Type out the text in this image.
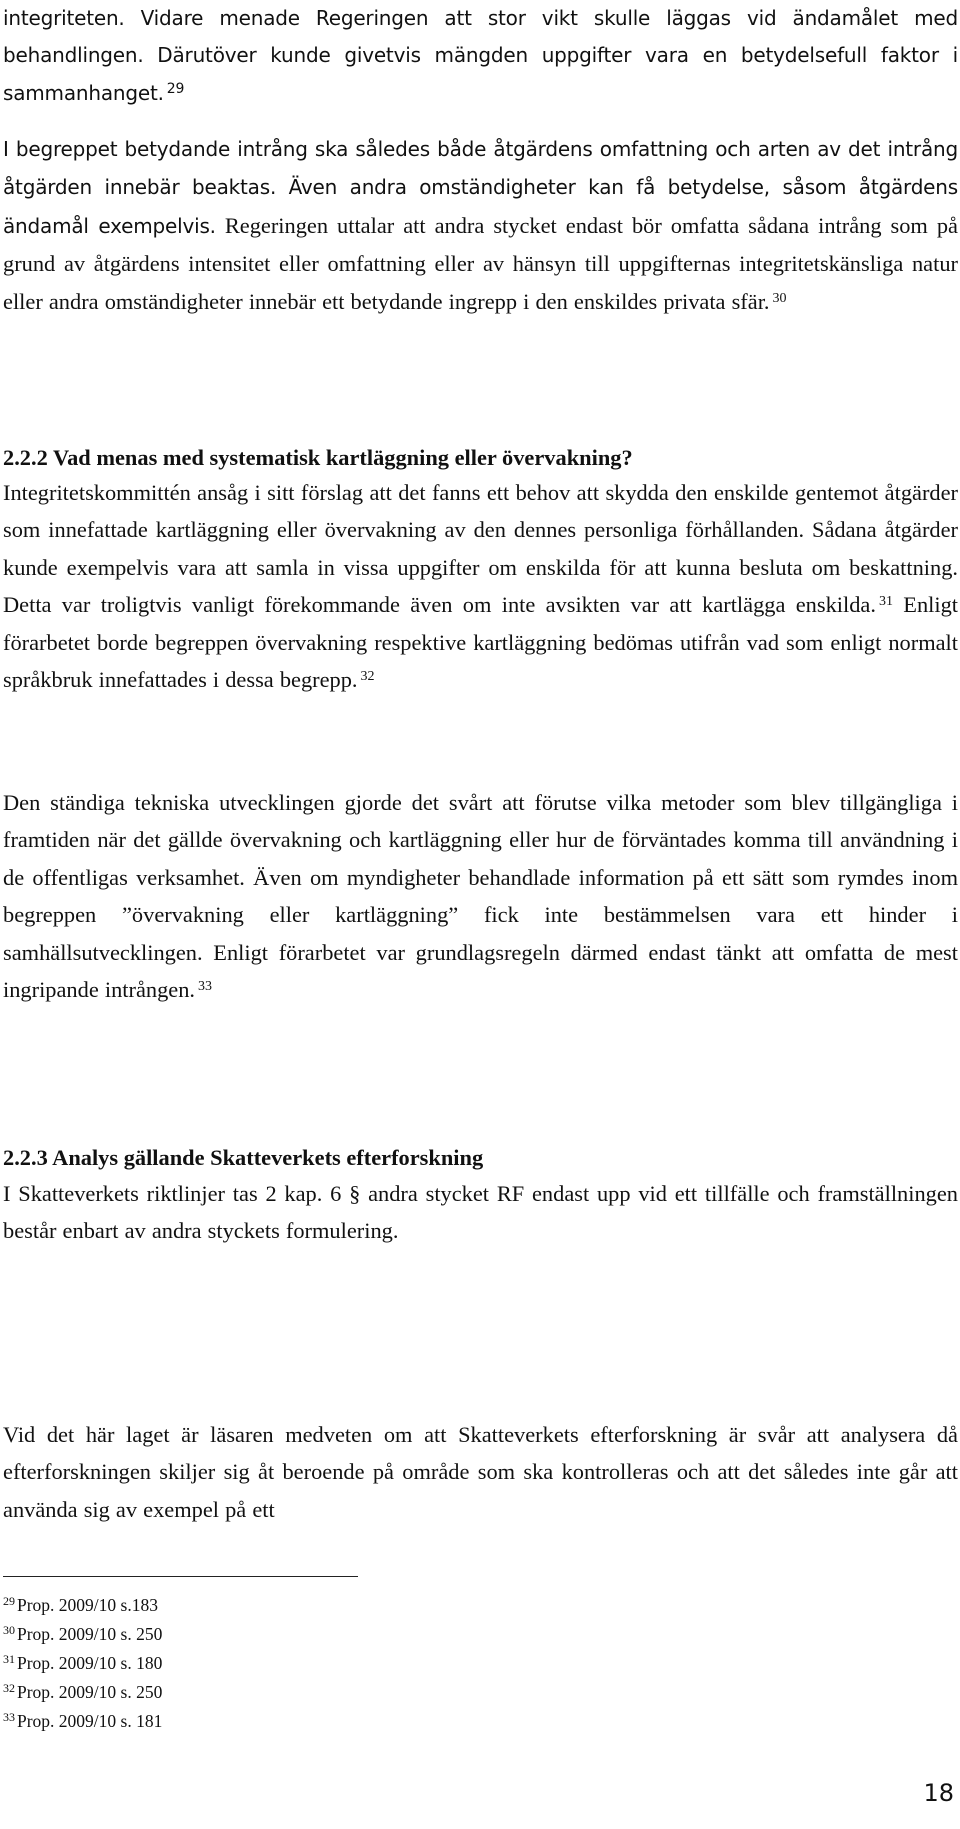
integriteten. Vidare menade Regeringen att stor vikt skulle läggas vid ändamålet med behandlingen. Därutöver kunde givetvis mängden uppgifter vara en betydelsefull faktor i sammanhanget. $^{29}$

I begreppet betydande intrång ska således både åtgärdens omfattning och arten av det intrång åtgärden innebär beaktas. Även andra omständigheter kan få betydelse, såsom åtgärdens ändamål exempelvis. Regeringen uttalar att andra stycket endast bör omfatta sådana intrång som på grund av åtgärdens intensitet eller omfattning eller av hänsyn till uppgifternas integritetskänsliga natur eller andra omständigheter innebär ett betydande ingrepp i den enskildes privata sfär. $^{30}$

2.2.2 Vad menas med systematisk kartläggning eller övervakning?

Integritetskommittén ansåg i sitt förslag att det fanns ett behov att skydda den enskilde gentemot åtgärder som innefattade kartläggning eller övervakning av den dennes personliga förhållanden. Sådana åtgärder kunde exempelvis vara att samla in vissa uppgifter om enskilda för att kunna besluta om beskattning. Detta var troligtvis vanligt förekommande även om inte avsikten var att kartlägga enskilda. $^{31}$ Enligt förarbetet borde begreppen övervakning respektive kartläggning bedömas utifrån vad som enligt normalt språkbruk innefattades i dessa begrepp. $^{32}$

Den ständiga tekniska utvecklingen gjorde det svårt att förutse vilka metoder som blev tillgängliga i framtiden när det gällde övervakning och kartläggning eller hur de förväntades komma till användning i de offentligas verksamhet. Även om myndigheter behandlade information på ett sätt som rymdes inom begreppen ”övervakning eller kartläggning” fick inte bestämmelsen vara ett hinder i samhällsutvecklingen. Enligt förarbetet var grundlagsregeln därmed endast tänkt att omfatta de mest ingripande intrången. $^{33}$

2.2.3 Analys gällande Skatteverkets efterforskning

I Skatteverkets riktlinjer tas 2 kap. 6 § andra stycket RF endast upp vid ett tillfälle och framställningen består enbart av andra styckets formulering.

Vid det här laget är läsaren medveten om att Skatteverkets efterforskning är svår att analysera då efterforskningen skiljer sig åt beroende på område som ska kontrolleras och att det således inte går att använda sig av exempel på ett

$^{29}$ Prop. 2009/10 s.183
$^{30}$ Prop. 2009/10 s. 250
$^{31}$ Prop. 2009/10 s. 180
$^{32}$ Prop. 2009/10 s. 250
$^{33}$ Prop. 2009/10 s. 181
18
